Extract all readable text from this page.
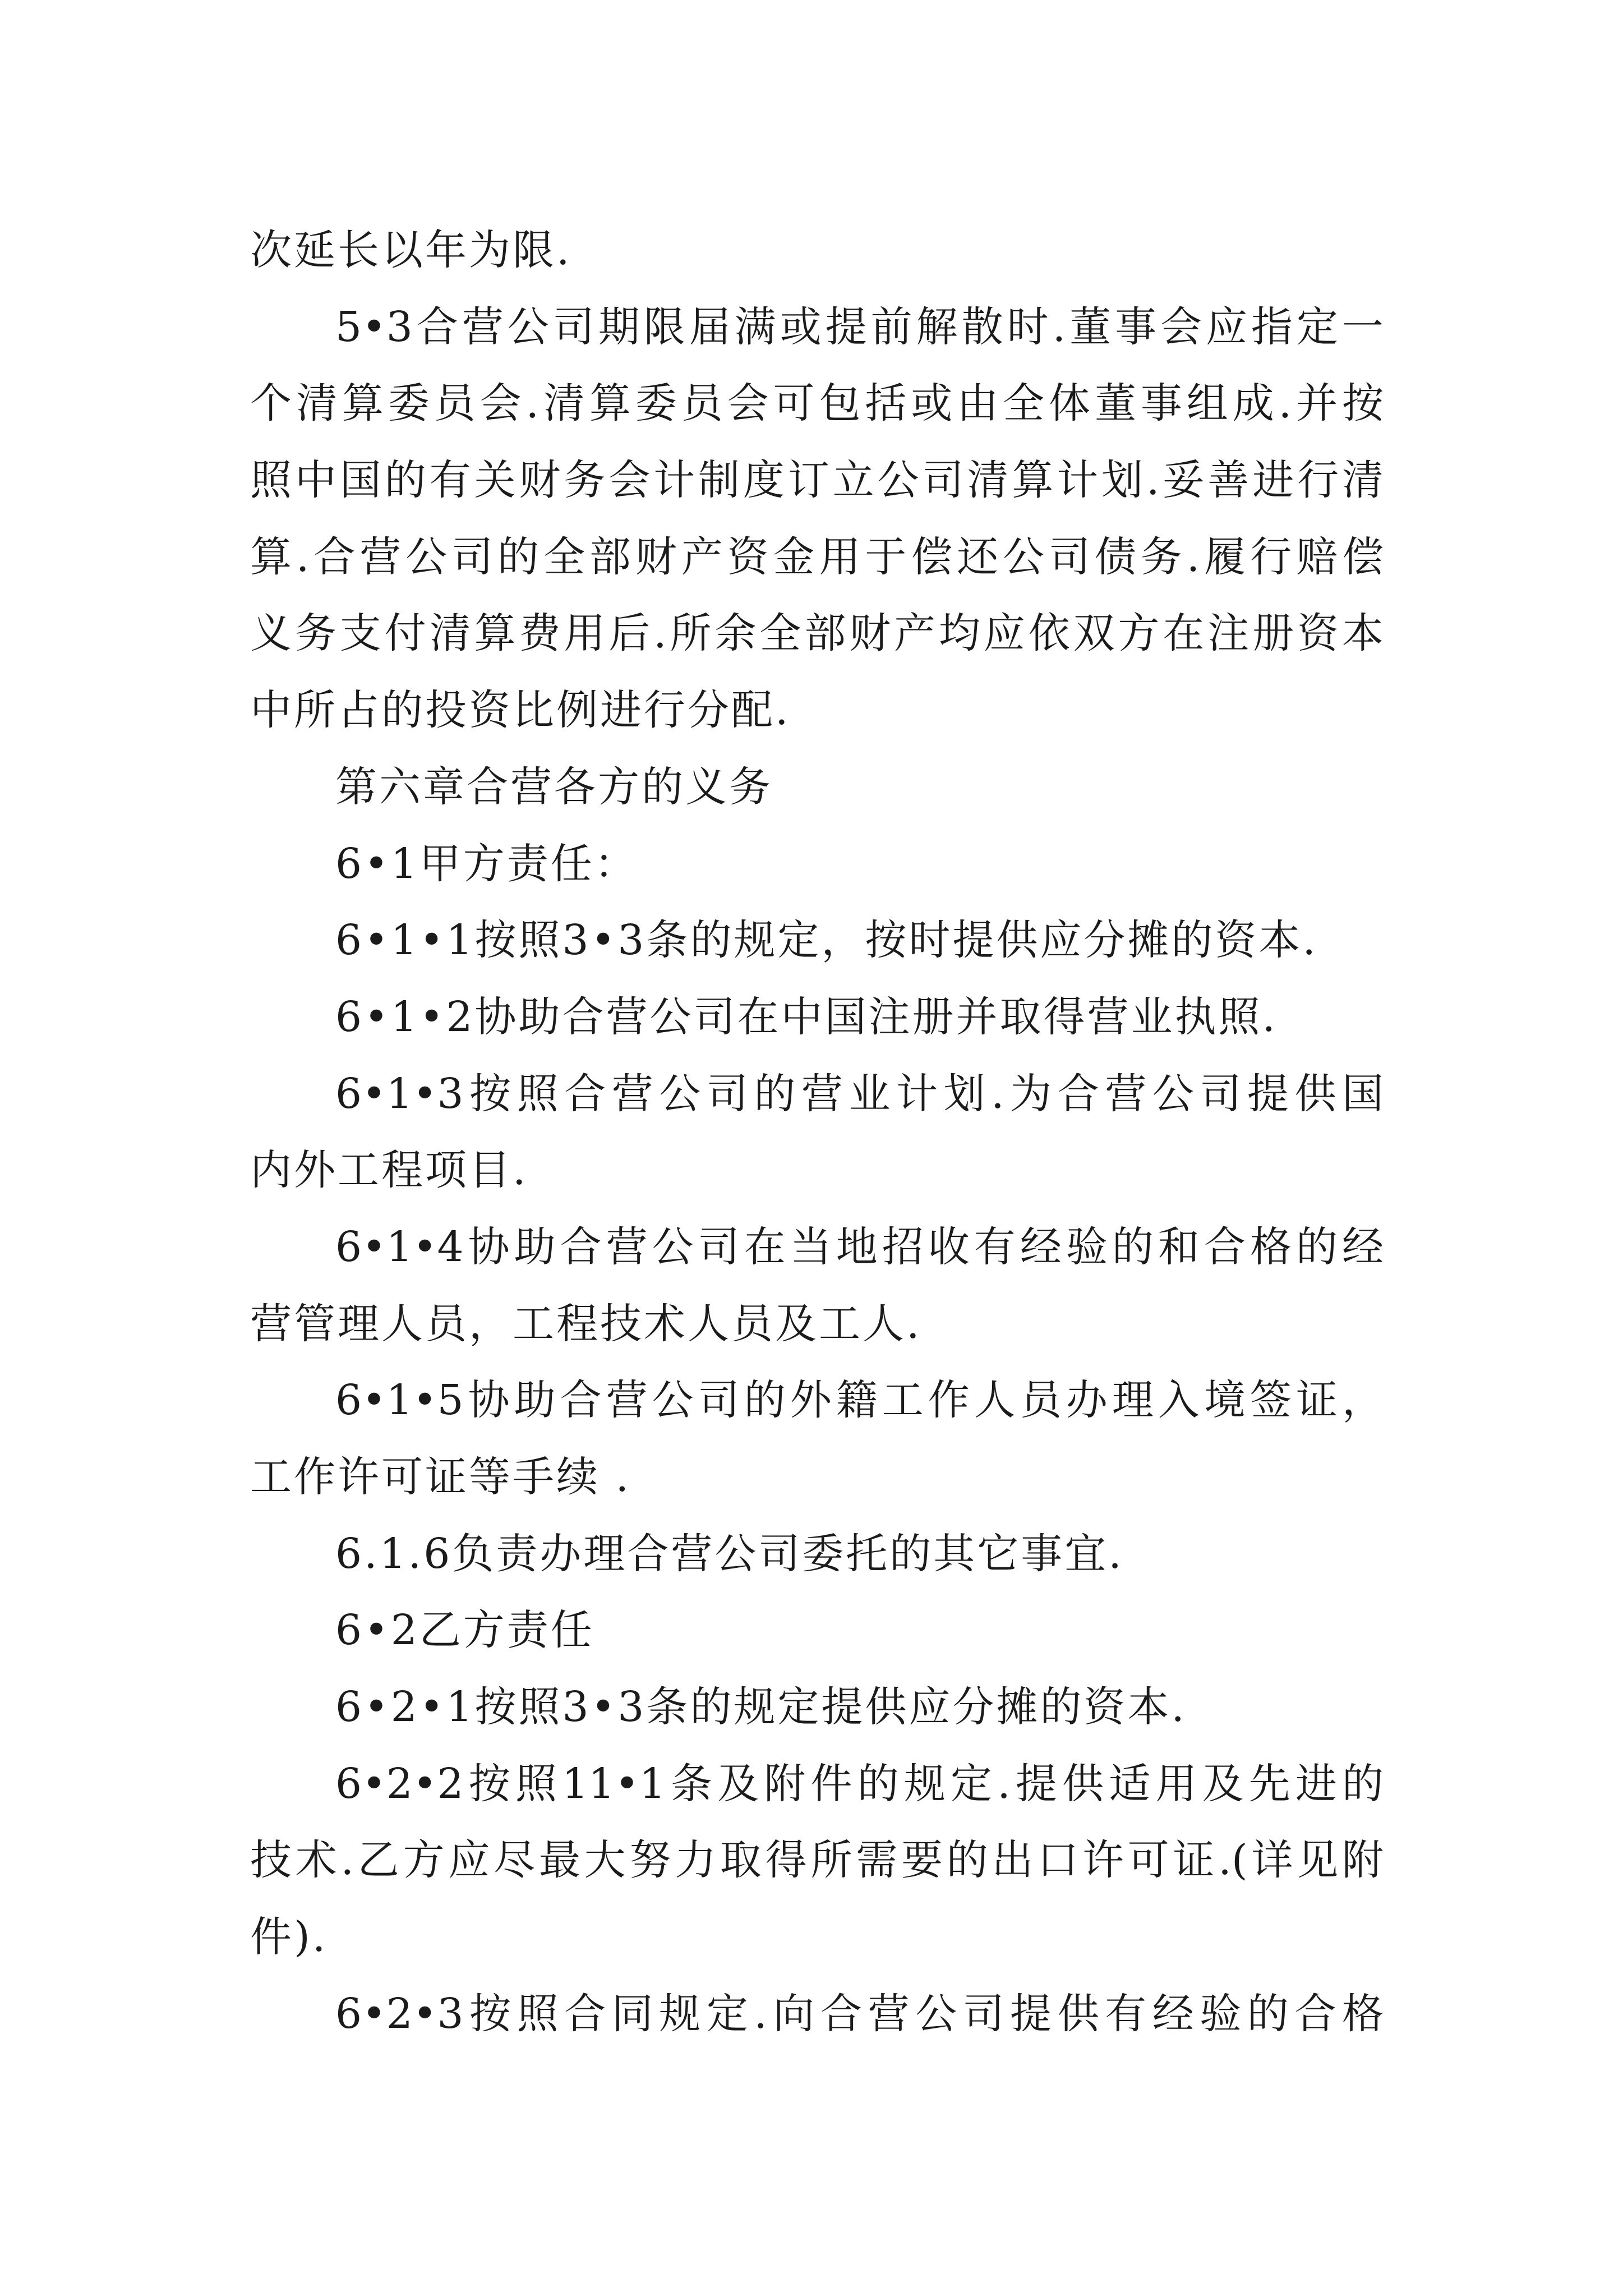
次延长以年为限.
5•3合营公司期限届满或提前解散时.董事会应指定一
个清算委员会.清算委员会可包括或由全体董事组成.并按
照中国的有关财务会计制度订立公司清算计划.妥善进行清
算.合营公司的全部财产资金用于偿还公司债务.履行赔偿
义务支付清算费用后.所余全部财产均应依双方在注册资本
中所占的投资比例进行分配.
第六章合营各方的义务
6•1甲方责任：
6•1•1按照3•3条的规定，按时提供应分摊的资本.
6•1•2协助合营公司在中国注册并取得营业执照.
6•1•3按照合营公司的营业计划.为合营公司提供国
内外工程项目.
6•1•4协助合营公司在当地招收有经验的和合格的经
营管理人员，工程技术人员及工人.
6•1•5协助合营公司的外籍工作人员办理入境签证，
工作许可证等手续 .
6.1.6负责办理合营公司委托的其它事宜.
6•2乙方责任
6•2•1按照3•3条的规定提供应分摊的资本.
6•2•2按照11•1条及附件的规定.提供适用及先进的
技术.乙方应尽最大努力取得所需要的出口许可证.(详见附
件).
6•2•3按照合同规定.向合营公司提供有经验的合格
